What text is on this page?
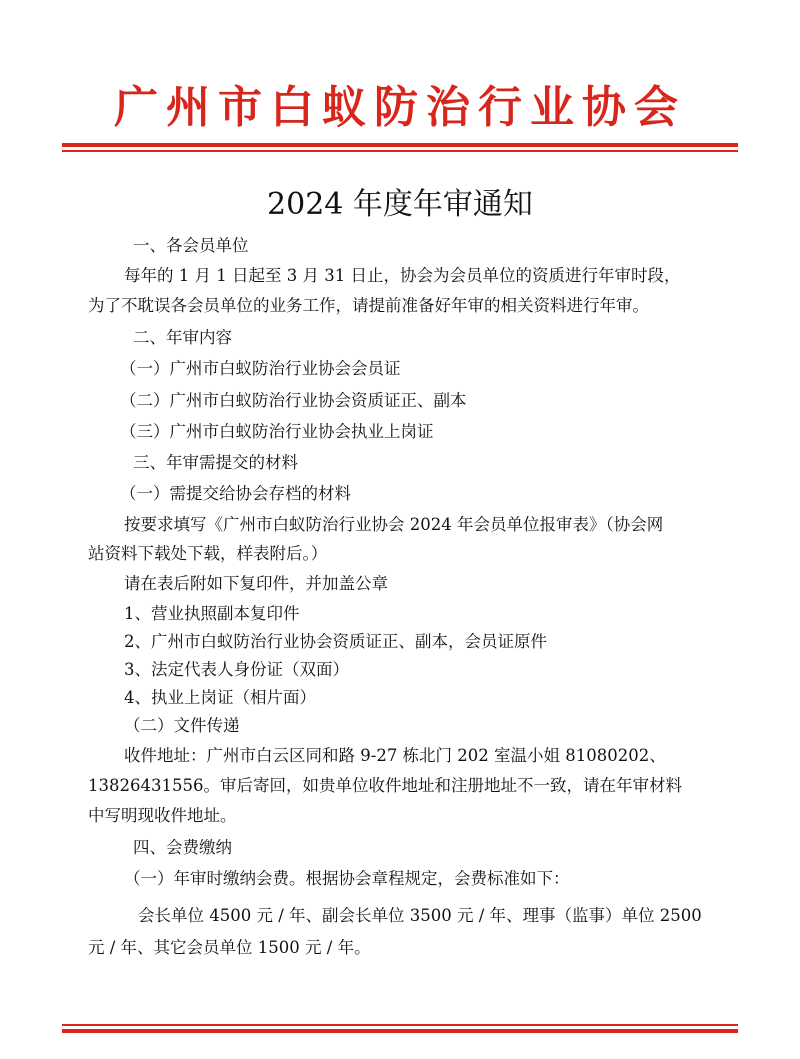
广州市白蚁防治行业协会
2024 年度年审通知
一、各会员单位
每年的 1 月 1 日起至 3 月 31 日止，协会为会员单位的资质进行年审时段，
为了不耽误各会员单位的业务工作，请提前准备好年审的相关资料进行年审。
二、年审内容
（一）广州市白蚁防治行业协会会员证
（二）广州市白蚁防治行业协会资质证正、副本
（三）广州市白蚁防治行业协会执业上岗证
三、年审需提交的材料
（一）需提交给协会存档的材料
按要求填写《广州市白蚁防治行业协会 2024 年会员单位报审表》（协会网
站资料下载处下载，样表附后。）
请在表后附如下复印件，并加盖公章
1、营业执照副本复印件
2、广州市白蚁防治行业协会资质证正、副本，会员证原件
3、法定代表人身份证（双面）
4、执业上岗证（相片面）
（二）文件传递
收件地址：广州市白云区同和路 9-27 栋北门 202 室温小姐 81080202、
13826431556。审后寄回，如贵单位收件地址和注册地址不一致，请在年审材料
中写明现收件地址。
四、会费缴纳
（一）年审时缴纳会费。根据协会章程规定，会费标准如下：
会长单位 4500 元 / 年、副会长单位 3500 元 / 年、理事（监事）单位 2500
元 / 年、其它会员单位 1500 元 / 年。
